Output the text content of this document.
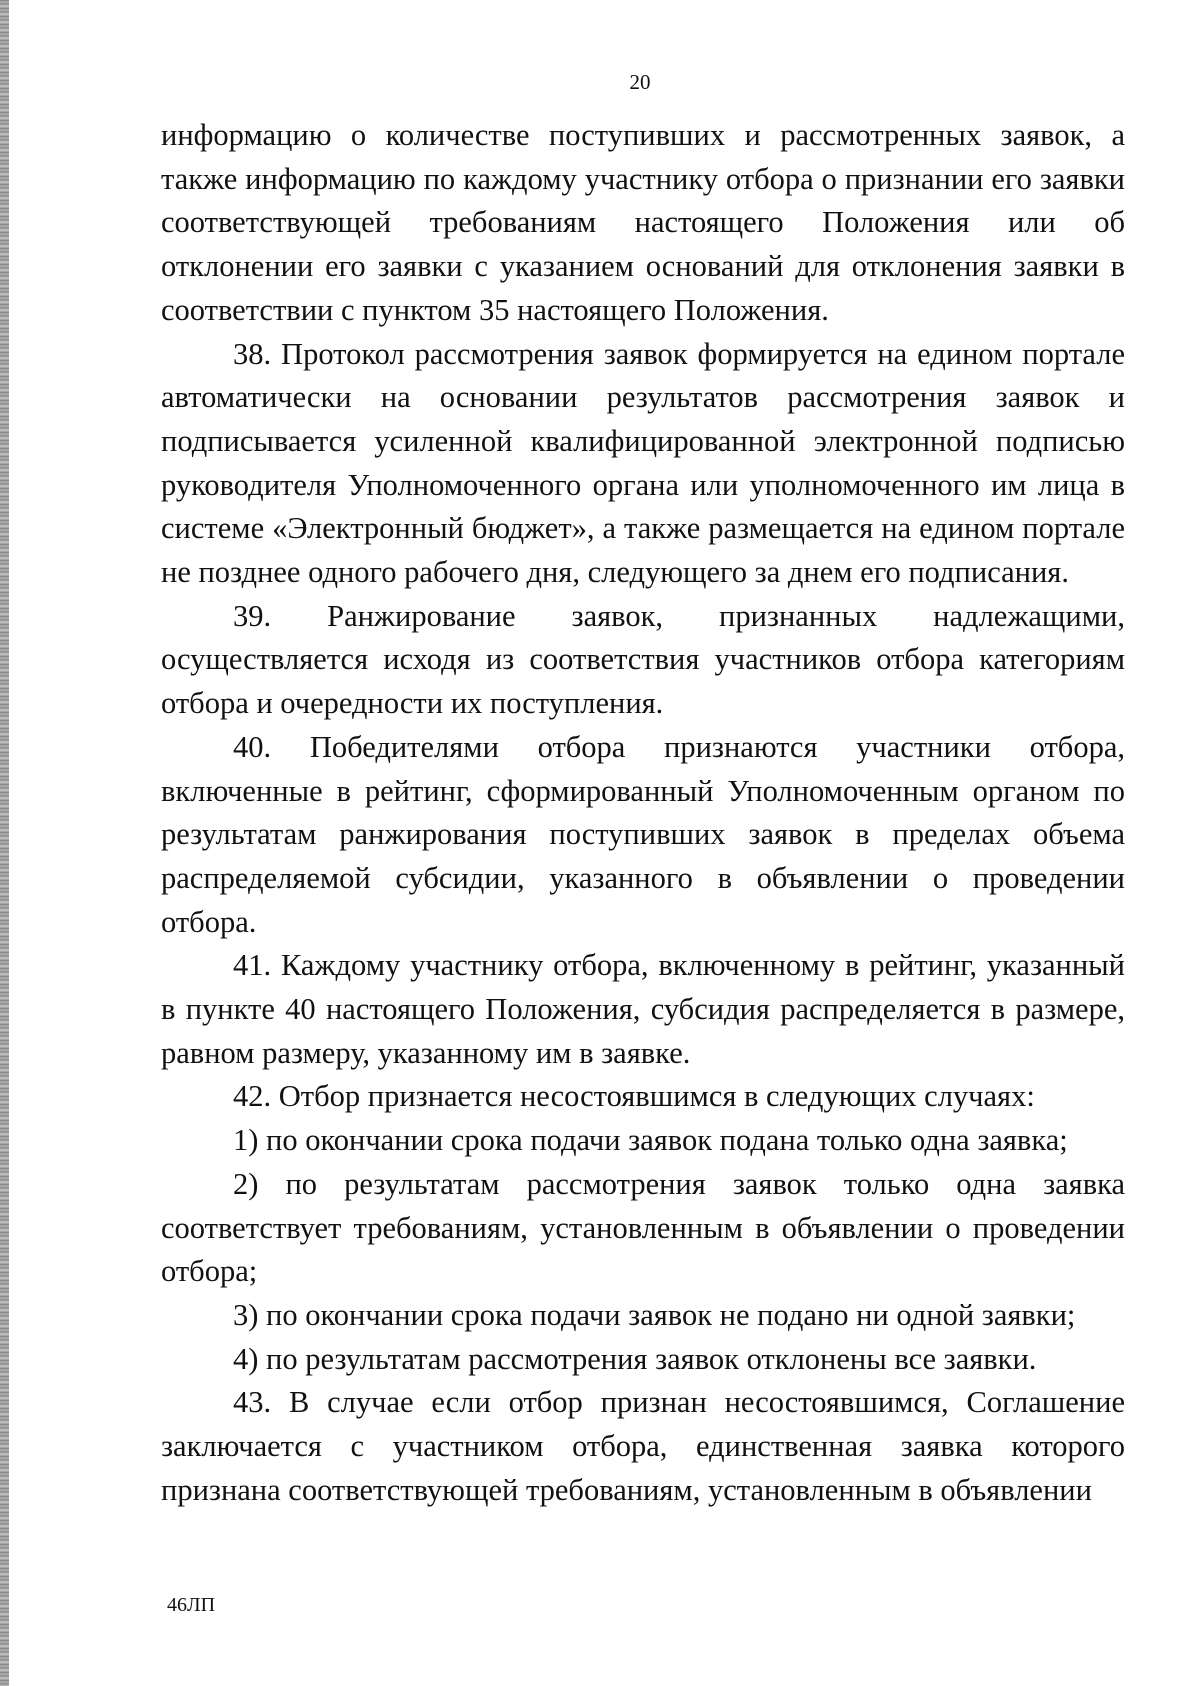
20

информацию о количестве поступивших и рассмотренных заявок, а также информацию по каждому участнику отбора о признании его заявки соответствующей требованиям настоящего Положения или об отклонении его заявки с указанием оснований для отклонения заявки в соответствии с пунктом 35 настоящего Положения.

38. Протокол рассмотрения заявок формируется на едином портале автоматически на основании результатов рассмотрения заявок и подписывается усиленной квалифицированной электронной подписью руководителя Уполномоченного органа или уполномоченного им лица в системе «Электронный бюджет», а также размещается на едином портале не позднее одного рабочего дня, следующего за днем его подписания.

39. Ранжирование заявок, признанных надлежащими, осуществляется исходя из соответствия участников отбора категориям отбора и очередности их поступления.

40. Победителями отбора признаются участники отбора, включенные в рейтинг, сформированный Уполномоченным органом по результатам ранжирования поступивших заявок в пределах объема распределяемой субсидии, указанного в объявлении о проведении отбора.

41. Каждому участнику отбора, включенному в рейтинг, указанный в пункте 40 настоящего Положения, субсидия распределяется в размере, равном размеру, указанному им в заявке.

42. Отбор признается несостоявшимся в следующих случаях:

1) по окончании срока подачи заявок подана только одна заявка;

2) по результатам рассмотрения заявок только одна заявка соответствует требованиям, установленным в объявлении о проведении отбора;

3) по окончании срока подачи заявок не подано ни одной заявки;

4) по результатам рассмотрения заявок отклонены все заявки.

43. В случае если отбор признан несостоявшимся, Соглашение заключается с участником отбора, единственная заявка которого признана соответствующей требованиям, установленным в объявлении

46ЛП
